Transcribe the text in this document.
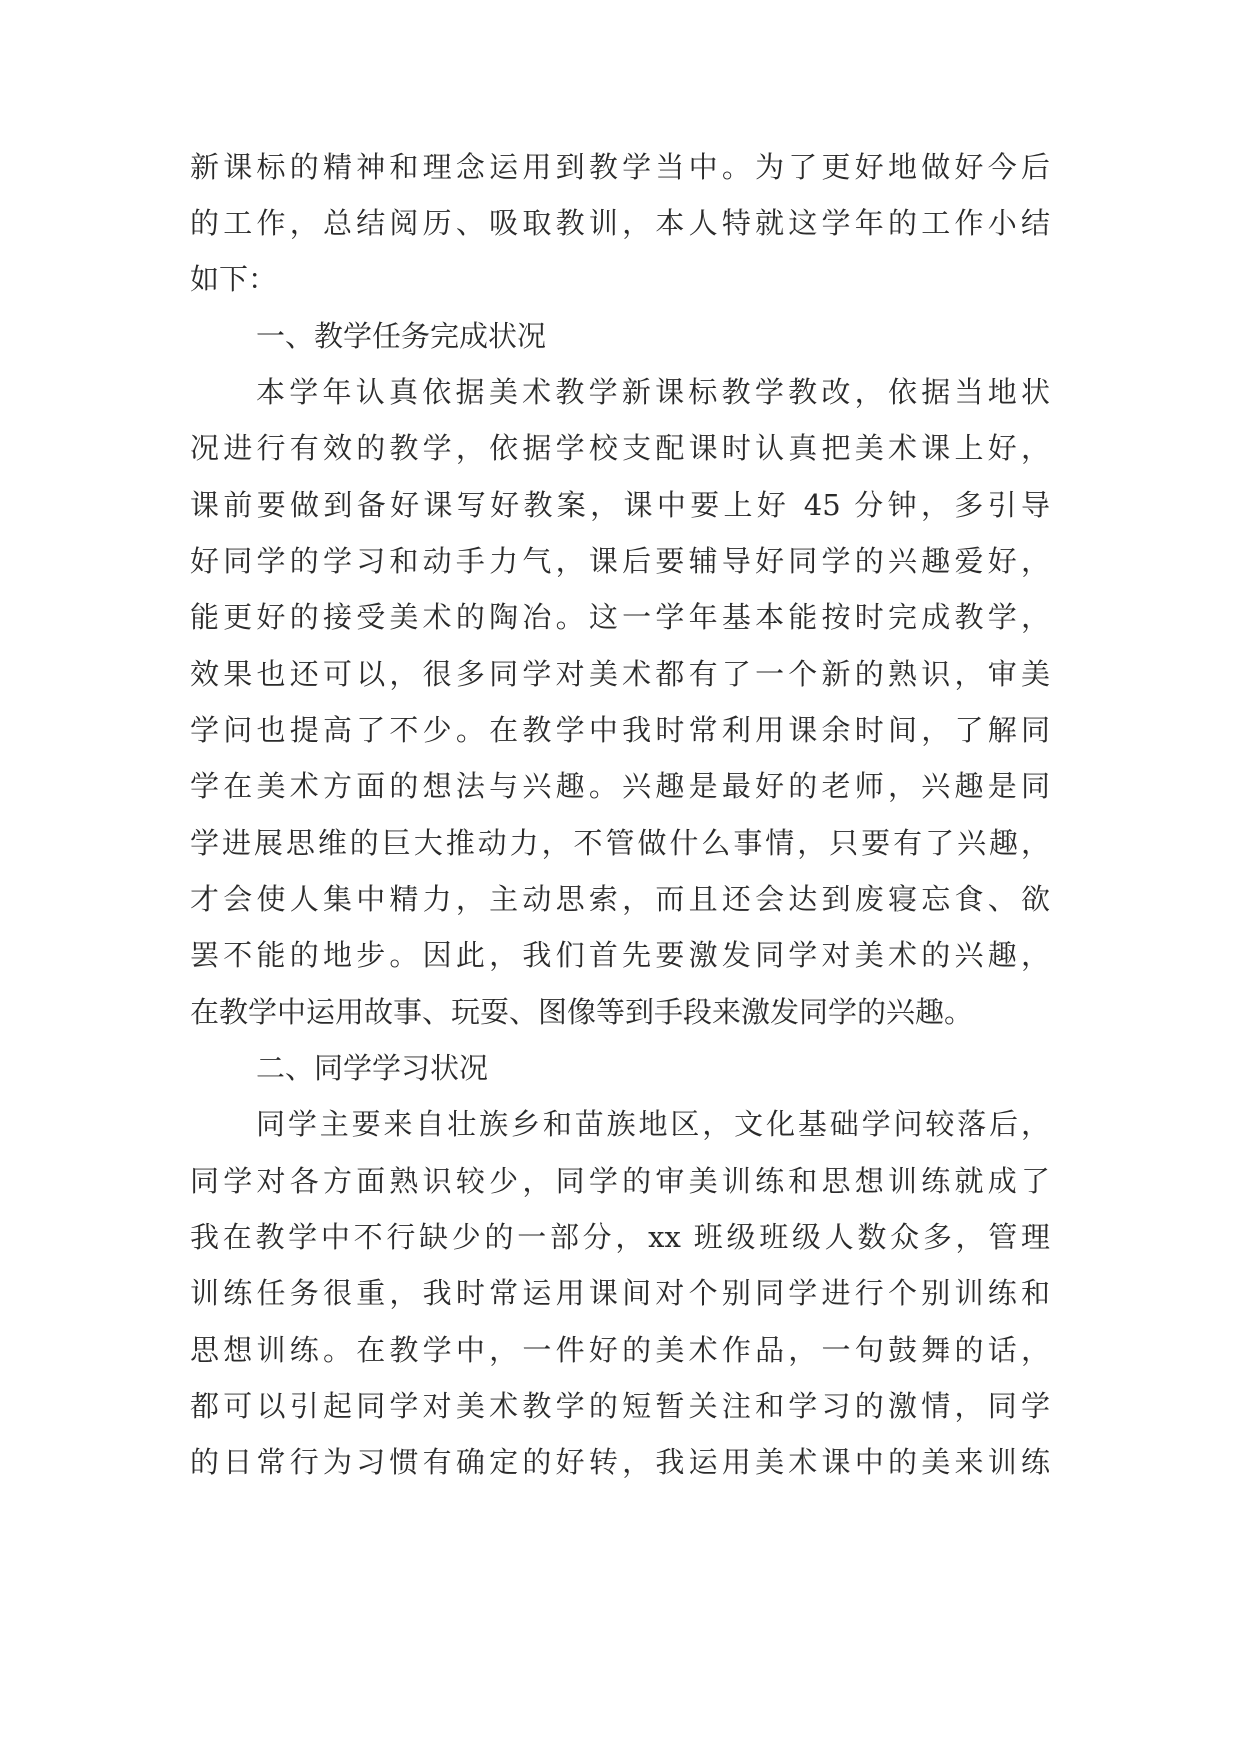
新课标的精神和理念运用到教学当中。为了更好地做好今后
的工作，总结阅历、吸取教训，本人特就这学年的工作小结
如下：
一、教学任务完成状况
本学年认真依据美术教学新课标教学教改，依据当地状
况进行有效的教学，依据学校支配课时认真把美术课上好，
课前要做到备好课写好教案，课中要上好 45 分钟，多引导
好同学的学习和动手力气，课后要辅导好同学的兴趣爱好，
能更好的接受美术的陶冶。这一学年基本能按时完成教学，
效果也还可以，很多同学对美术都有了一个新的熟识，审美
学问也提高了不少。在教学中我时常利用课余时间，了解同
学在美术方面的想法与兴趣。兴趣是最好的老师，兴趣是同
学进展思维的巨大推动力，不管做什么事情，只要有了兴趣，
才会使人集中精力，主动思索，而且还会达到废寝忘食、欲
罢不能的地步。因此，我们首先要激发同学对美术的兴趣，
在教学中运用故事、玩耍、图像等到手段来激发同学的兴趣。
二、同学学习状况
同学主要来自壮族乡和苗族地区，文化基础学问较落后，
同学对各方面熟识较少，同学的审美训练和思想训练就成了
我在教学中不行缺少的一部分，xx 班级班级人数众多，管理
训练任务很重，我时常运用课间对个别同学进行个别训练和
思想训练。在教学中，一件好的美术作品，一句鼓舞的话，
都可以引起同学对美术教学的短暂关注和学习的激情，同学
的日常行为习惯有确定的好转，我运用美术课中的美来训练
